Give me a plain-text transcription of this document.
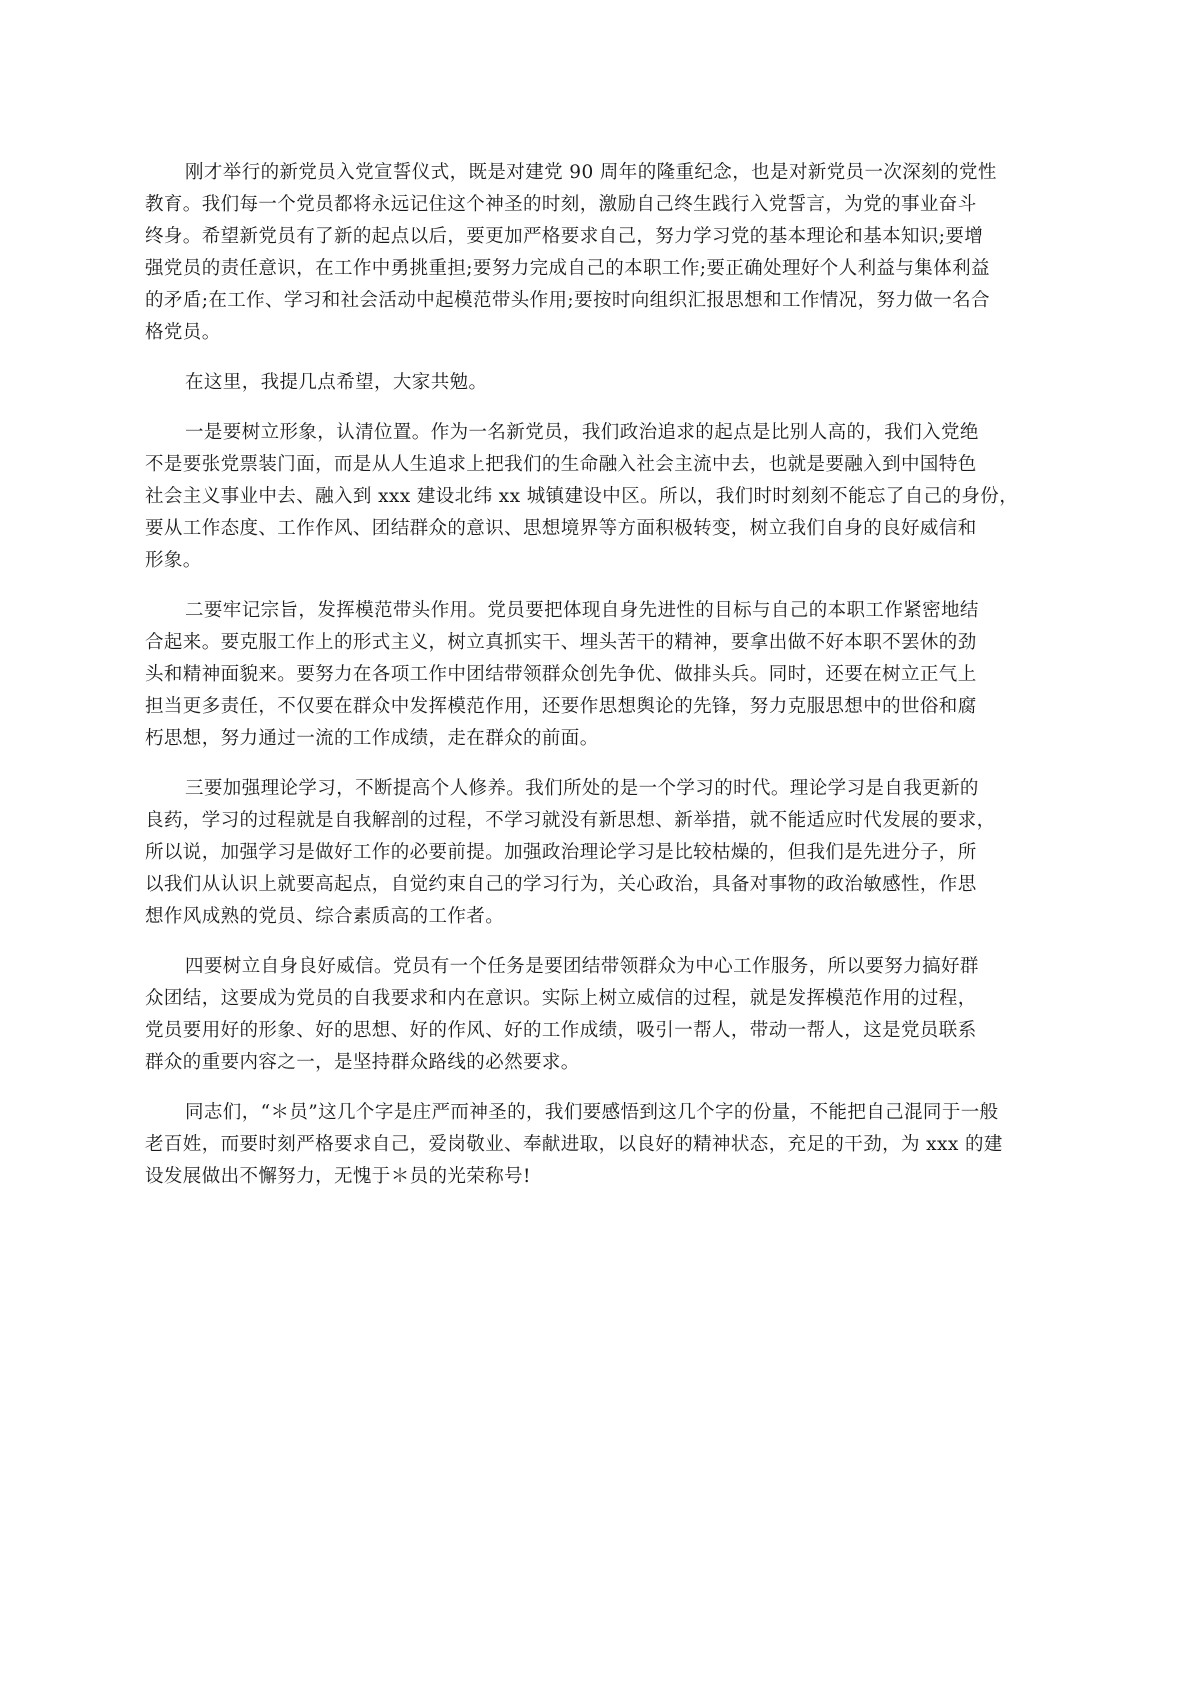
刚才举行的新党员入党宣誓仪式，既是对建党 90 周年的隆重纪念，也是对新党员一次深刻的党性
教育。我们每一个党员都将永远记住这个神圣的时刻，激励自己终生践行入党誓言，为党的事业奋斗
终身。希望新党员有了新的起点以后，要更加严格要求自己，努力学习党的基本理论和基本知识;要增
强党员的责任意识，在工作中勇挑重担;要努力完成自己的本职工作;要正确处理好个人利益与集体利益
的矛盾;在工作、学习和社会活动中起模范带头作用;要按时向组织汇报思想和工作情况，努力做一名合
格党员。
在这里，我提几点希望，大家共勉。
一是要树立形象，认清位置。作为一名新党员，我们政治追求的起点是比别人高的，我们入党绝
不是要张党票装门面，而是从人生追求上把我们的生命融入社会主流中去，也就是要融入到中国特色
社会主义事业中去、融入到 xxx 建设北纬 xx 城镇建设中区。所以，我们时时刻刻不能忘了自己的身份，
要从工作态度、工作作风、团结群众的意识、思想境界等方面积极转变，树立我们自身的良好威信和
形象。
二要牢记宗旨，发挥模范带头作用。党员要把体现自身先进性的目标与自己的本职工作紧密地结
合起来。要克服工作上的形式主义，树立真抓实干、埋头苦干的精神，要拿出做不好本职不罢休的劲
头和精神面貌来。要努力在各项工作中团结带领群众创先争优、做排头兵。同时，还要在树立正气上
担当更多责任，不仅要在群众中发挥模范作用，还要作思想舆论的先锋，努力克服思想中的世俗和腐
朽思想，努力通过一流的工作成绩，走在群众的前面。
三要加强理论学习，不断提高个人修养。我们所处的是一个学习的时代。理论学习是自我更新的
良药，学习的过程就是自我解剖的过程，不学习就没有新思想、新举措，就不能适应时代发展的要求，
所以说，加强学习是做好工作的必要前提。加强政治理论学习是比较枯燥的，但我们是先进分子，所
以我们从认识上就要高起点，自觉约束自己的学习行为，关心政治，具备对事物的政治敏感性，作思
想作风成熟的党员、综合素质高的工作者。
四要树立自身良好威信。党员有一个任务是要团结带领群众为中心工作服务，所以要努力搞好群
众团结，这要成为党员的自我要求和内在意识。实际上树立威信的过程，就是发挥模范作用的过程，
党员要用好的形象、好的思想、好的作风、好的工作成绩，吸引一帮人，带动一帮人，这是党员联系
群众的重要内容之一，是坚持群众路线的必然要求。
同志们，“＊员”这几个字是庄严而神圣的，我们要感悟到这几个字的份量，不能把自己混同于一般
老百姓，而要时刻严格要求自己，爱岗敬业、奉献进取，以良好的精神状态，充足的干劲，为 xxx 的建
设发展做出不懈努力，无愧于＊员的光荣称号!
